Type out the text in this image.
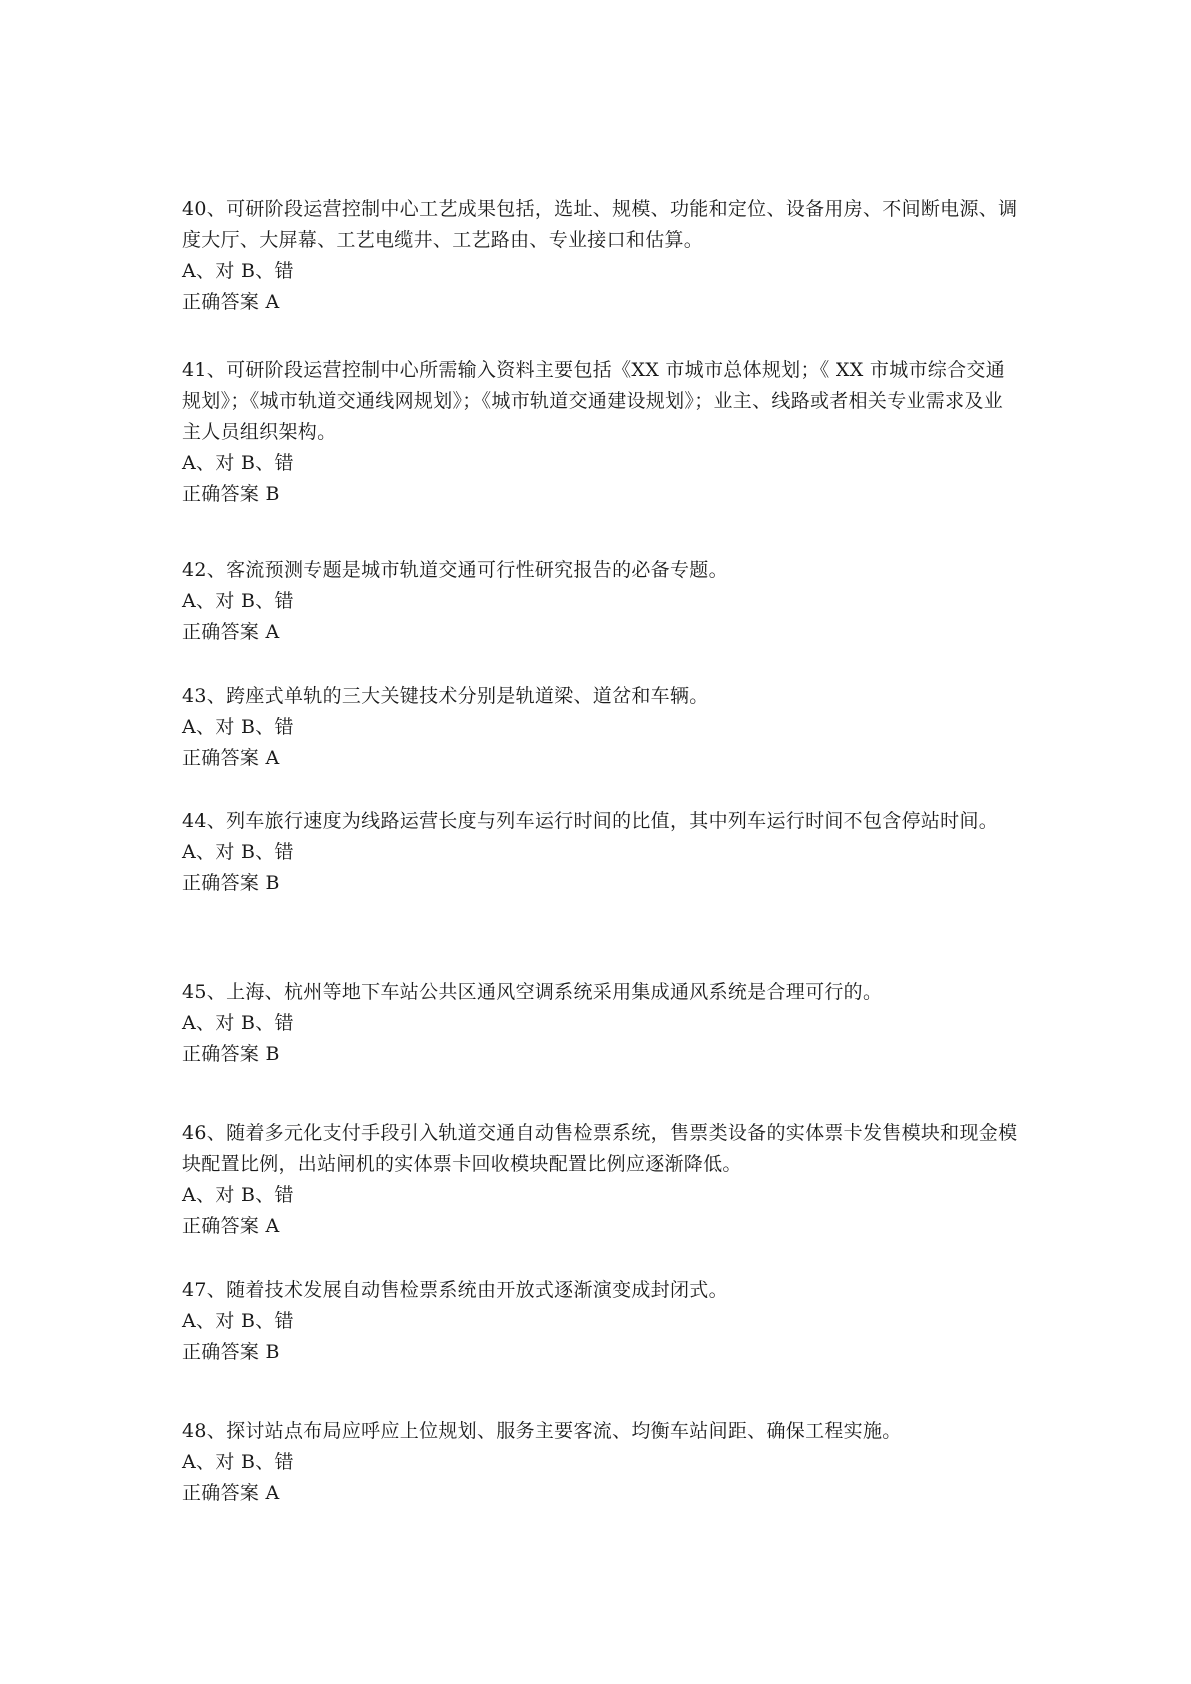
40、可研阶段运营控制中心工艺成果包括，选址、规模、功能和定位、设备用房、不间断电源、调度大厅、大屏幕、工艺电缆井、工艺路由、专业接口和估算。

A、对 B、错

正确答案 A

41、可研阶段运营控制中心所需输入资料主要包括《XX 市城市总体规划；《 XX 市城市综合交通规划》；《城市轨道交通线网规划》；《城市轨道交通建设规划》；业主、线路或者相关专业需求及业主人员组织架构。

A、对 B、错

正确答案 B

42、客流预测专题是城市轨道交通可行性研究报告的必备专题。

A、对 B、错

正确答案 A

43、跨座式单轨的三大关键技术分别是轨道梁、道岔和车辆。

A、对 B、错

正确答案 A

44、列车旅行速度为线路运营长度与列车运行时间的比值，其中列车运行时间不包含停站时间。

A、对 B、错

正确答案 B

45、上海、杭州等地下车站公共区通风空调系统采用集成通风系统是合理可行的。

A、对 B、错

正确答案 B

46、随着多元化支付手段引入轨道交通自动售检票系统，售票类设备的实体票卡发售模块和现金模块配置比例，出站闸机的实体票卡回收模块配置比例应逐渐降低。

A、对 B、错

正确答案 A

47、随着技术发展自动售检票系统由开放式逐渐演变成封闭式。

A、对 B、错

正确答案 B

48、探讨站点布局应呼应上位规划、服务主要客流、均衡车站间距、确保工程实施。

A、对 B、错

正确答案 A
